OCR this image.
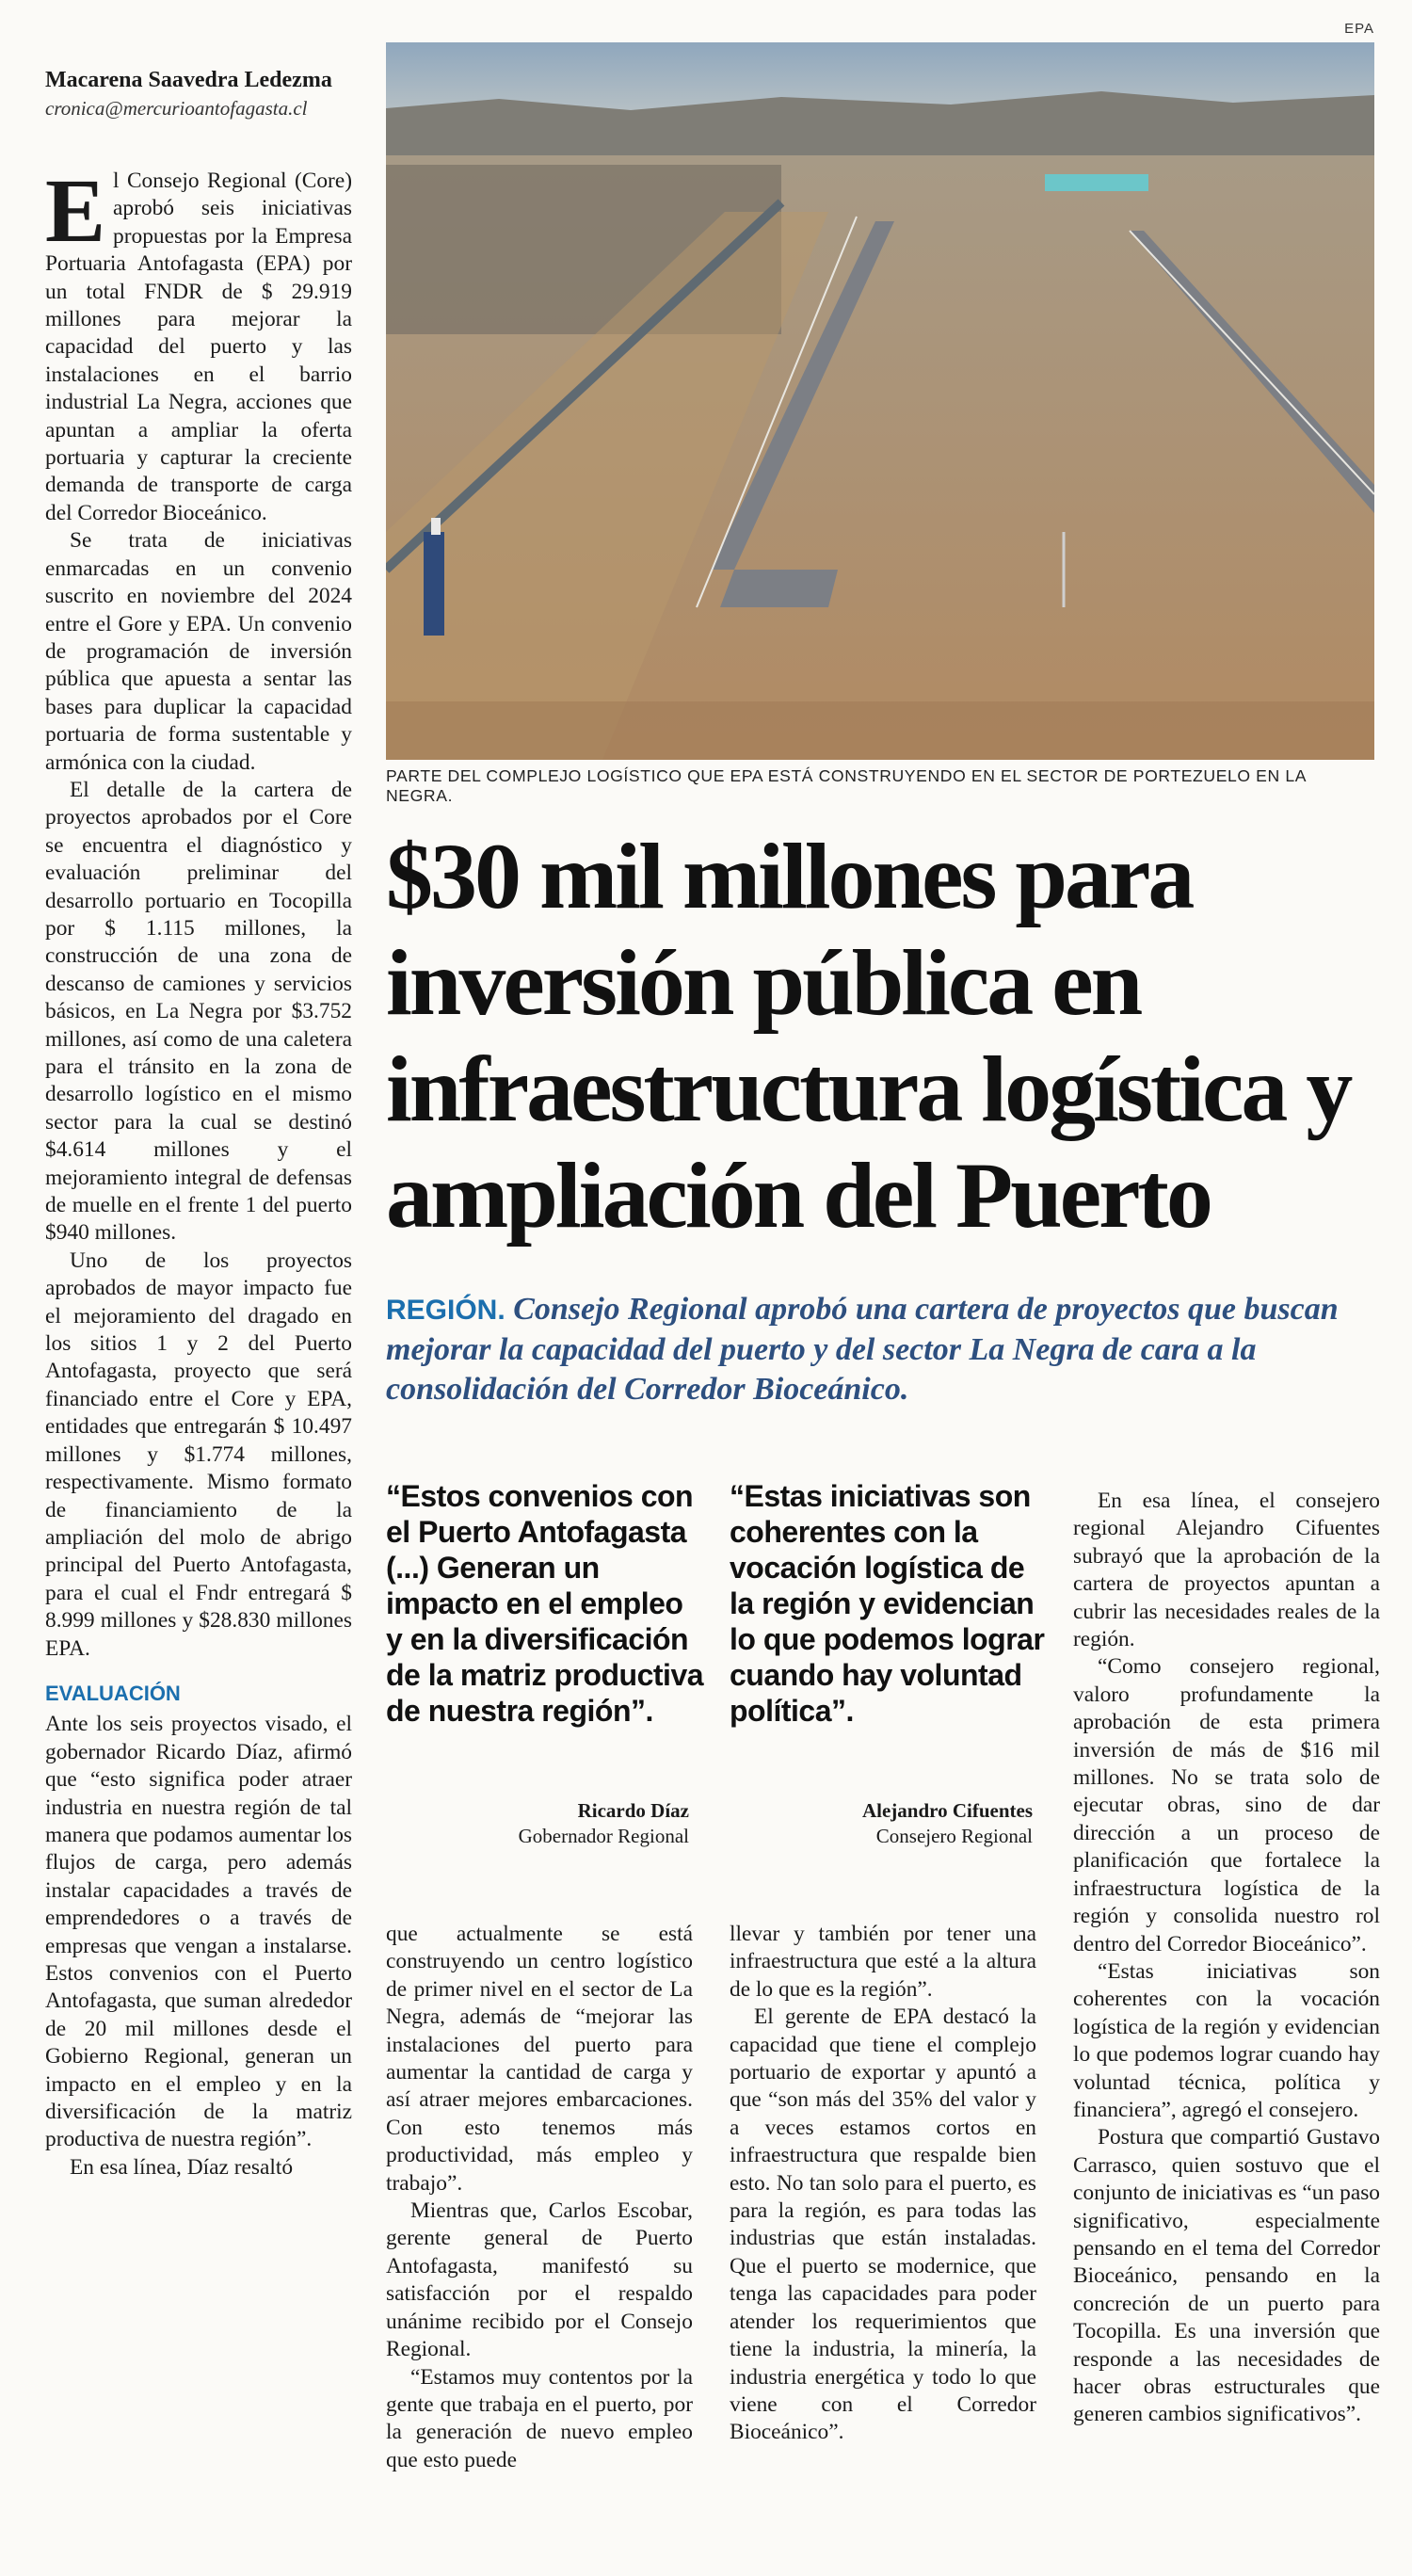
EPA
Macarena Saavedra Ledezma
cronica@mercurioantofagasta.cl

El Consejo Regional (Core) aprobó seis iniciativas propuestas por la Empresa Portuaria Antofagasta (EPA) por un total FNDR de $ 29.919 millones para mejorar la capacidad del puerto y las instalaciones en el barrio industrial La Negra, acciones que apuntan a ampliar la oferta portuaria y capturar la creciente demanda de transporte de carga del Corredor Bioceánico.

Se trata de iniciativas enmarcadas en un convenio suscrito en noviembre del 2024 entre el Gore y EPA. Un convenio de programación de inversión pública que apuesta a sentar las bases para duplicar la capacidad portuaria de forma sustentable y armónica con la ciudad.

El detalle de la cartera de proyectos aprobados por el Core se encuentra el diagnóstico y evaluación preliminar del desarrollo portuario en Tocopilla por $ 1.115 millones, la construcción de una zona de descanso de camiones y servicios básicos, en La Negra por $3.752 millones, así como de una caletera para el tránsito en la zona de desarrollo logístico en el mismo sector para la cual se destinó $4.614 millones y el mejoramiento integral de defensas de muelle en el frente 1 del puerto $940 millones.

Uno de los proyectos aprobados de mayor impacto fue el mejoramiento del dragado en los sitios 1 y 2 del Puerto Antofagasta, proyecto que será financiado entre el Core y EPA, entidades que entregarán $ 10.497 millones y $1.774 millones, respectivamente. Mismo formato de financiamiento de la ampliación del molo de abrigo principal del Puerto Antofagasta, para el cual el Fndr entregará $ 8.999 millones y $28.830 millones EPA.

EVALUACIÓN

Ante los seis proyectos visado, el gobernador Ricardo Díaz, afirmó que “esto significa poder atraer industria en nuestra región de tal manera que podamos aumentar los flujos de carga, pero además instalar capacidades a través de emprendedores o a través de empresas que vengan a instalarse. Estos convenios con el Puerto Antofagasta, que suman alrededor de 20 mil millones desde el Gobierno Regional, generan un impacto en el empleo y en la diversificación de la matriz productiva de nuestra región”.

En esa línea, Díaz resaltó

PARTE DEL COMPLEJO LOGÍSTICO QUE EPA ESTÁ CONSTRUYENDO EN EL SECTOR DE PORTEZUELO EN LA NEGRA.
$30 mil millones para inversión pública en infraestructura logística y ampliación del Puerto
REGIÓN. Consejo Regional aprobó una cartera de proyectos que buscan mejorar la capacidad del puerto y del sector La Negra de cara a la consolidación del Corredor Bioceánico.
“Estos convenios con el Puerto Antofagasta (...) Generan un impacto en el empleo y en la diversificación de la matriz productiva de nuestra región”.
“Estas iniciativas son coherentes con la vocación logística de la región y evidencian lo que podemos lograr cuando hay voluntad política”.
Ricardo Díaz
Gobernador Regional
Alejandro Cifuentes
Consejero Regional

que actualmente se está construyendo un centro logístico de primer nivel en el sector de La Negra, además de “mejorar las instalaciones del puerto para aumentar la cantidad de carga y así atraer mejores embarcaciones. Con esto tenemos más productividad, más empleo y trabajo”.

Mientras que, Carlos Escobar, gerente general de Puerto Antofagasta, manifestó su satisfacción por el respaldo unánime recibido por el Consejo Regional.

“Estamos muy contentos por la gente que trabaja en el puerto, por la generación de nuevo empleo que esto puede

llevar y también por tener una infraestructura que esté a la altura de lo que es la región”.

El gerente de EPA destacó la capacidad que tiene el complejo portuario de exportar y apuntó a que “son más del 35% del valor y a veces estamos cortos en infraestructura que respalde bien esto. No tan solo para el puerto, es para la región, es para todas las industrias que están instaladas. Que el puerto se modernice, que tenga las capacidades para poder atender los requerimientos que tiene la industria, la minería, la industria energética y todo lo que viene con el Corredor Bioceánico”.

En esa línea, el consejero regional Alejandro Cifuentes subrayó que la aprobación de la cartera de proyectos apuntan a cubrir las necesidades reales de la región.

“Como consejero regional, valoro profundamente la aprobación de esta primera inversión de más de $16 mil millones. No se trata solo de ejecutar obras, sino de dar dirección a un proceso de planificación que fortalece la infraestructura logística de la región y consolida nuestro rol dentro del Corredor Bioceánico”.

“Estas iniciativas son coherentes con la vocación logística de la región y evidencian lo que podemos lograr cuando hay voluntad técnica, política y financiera”, agregó el consejero.

Postura que compartió Gustavo Carrasco, quien sostuvo que el conjunto de iniciativas es “un paso significativo, especialmente pensando en el tema del Corredor Bioceánico, pensando en la concreción de un puerto para Tocopilla. Es una inversión que responde a las necesidades de hacer obras estructurales que generen cambios significativos”.
